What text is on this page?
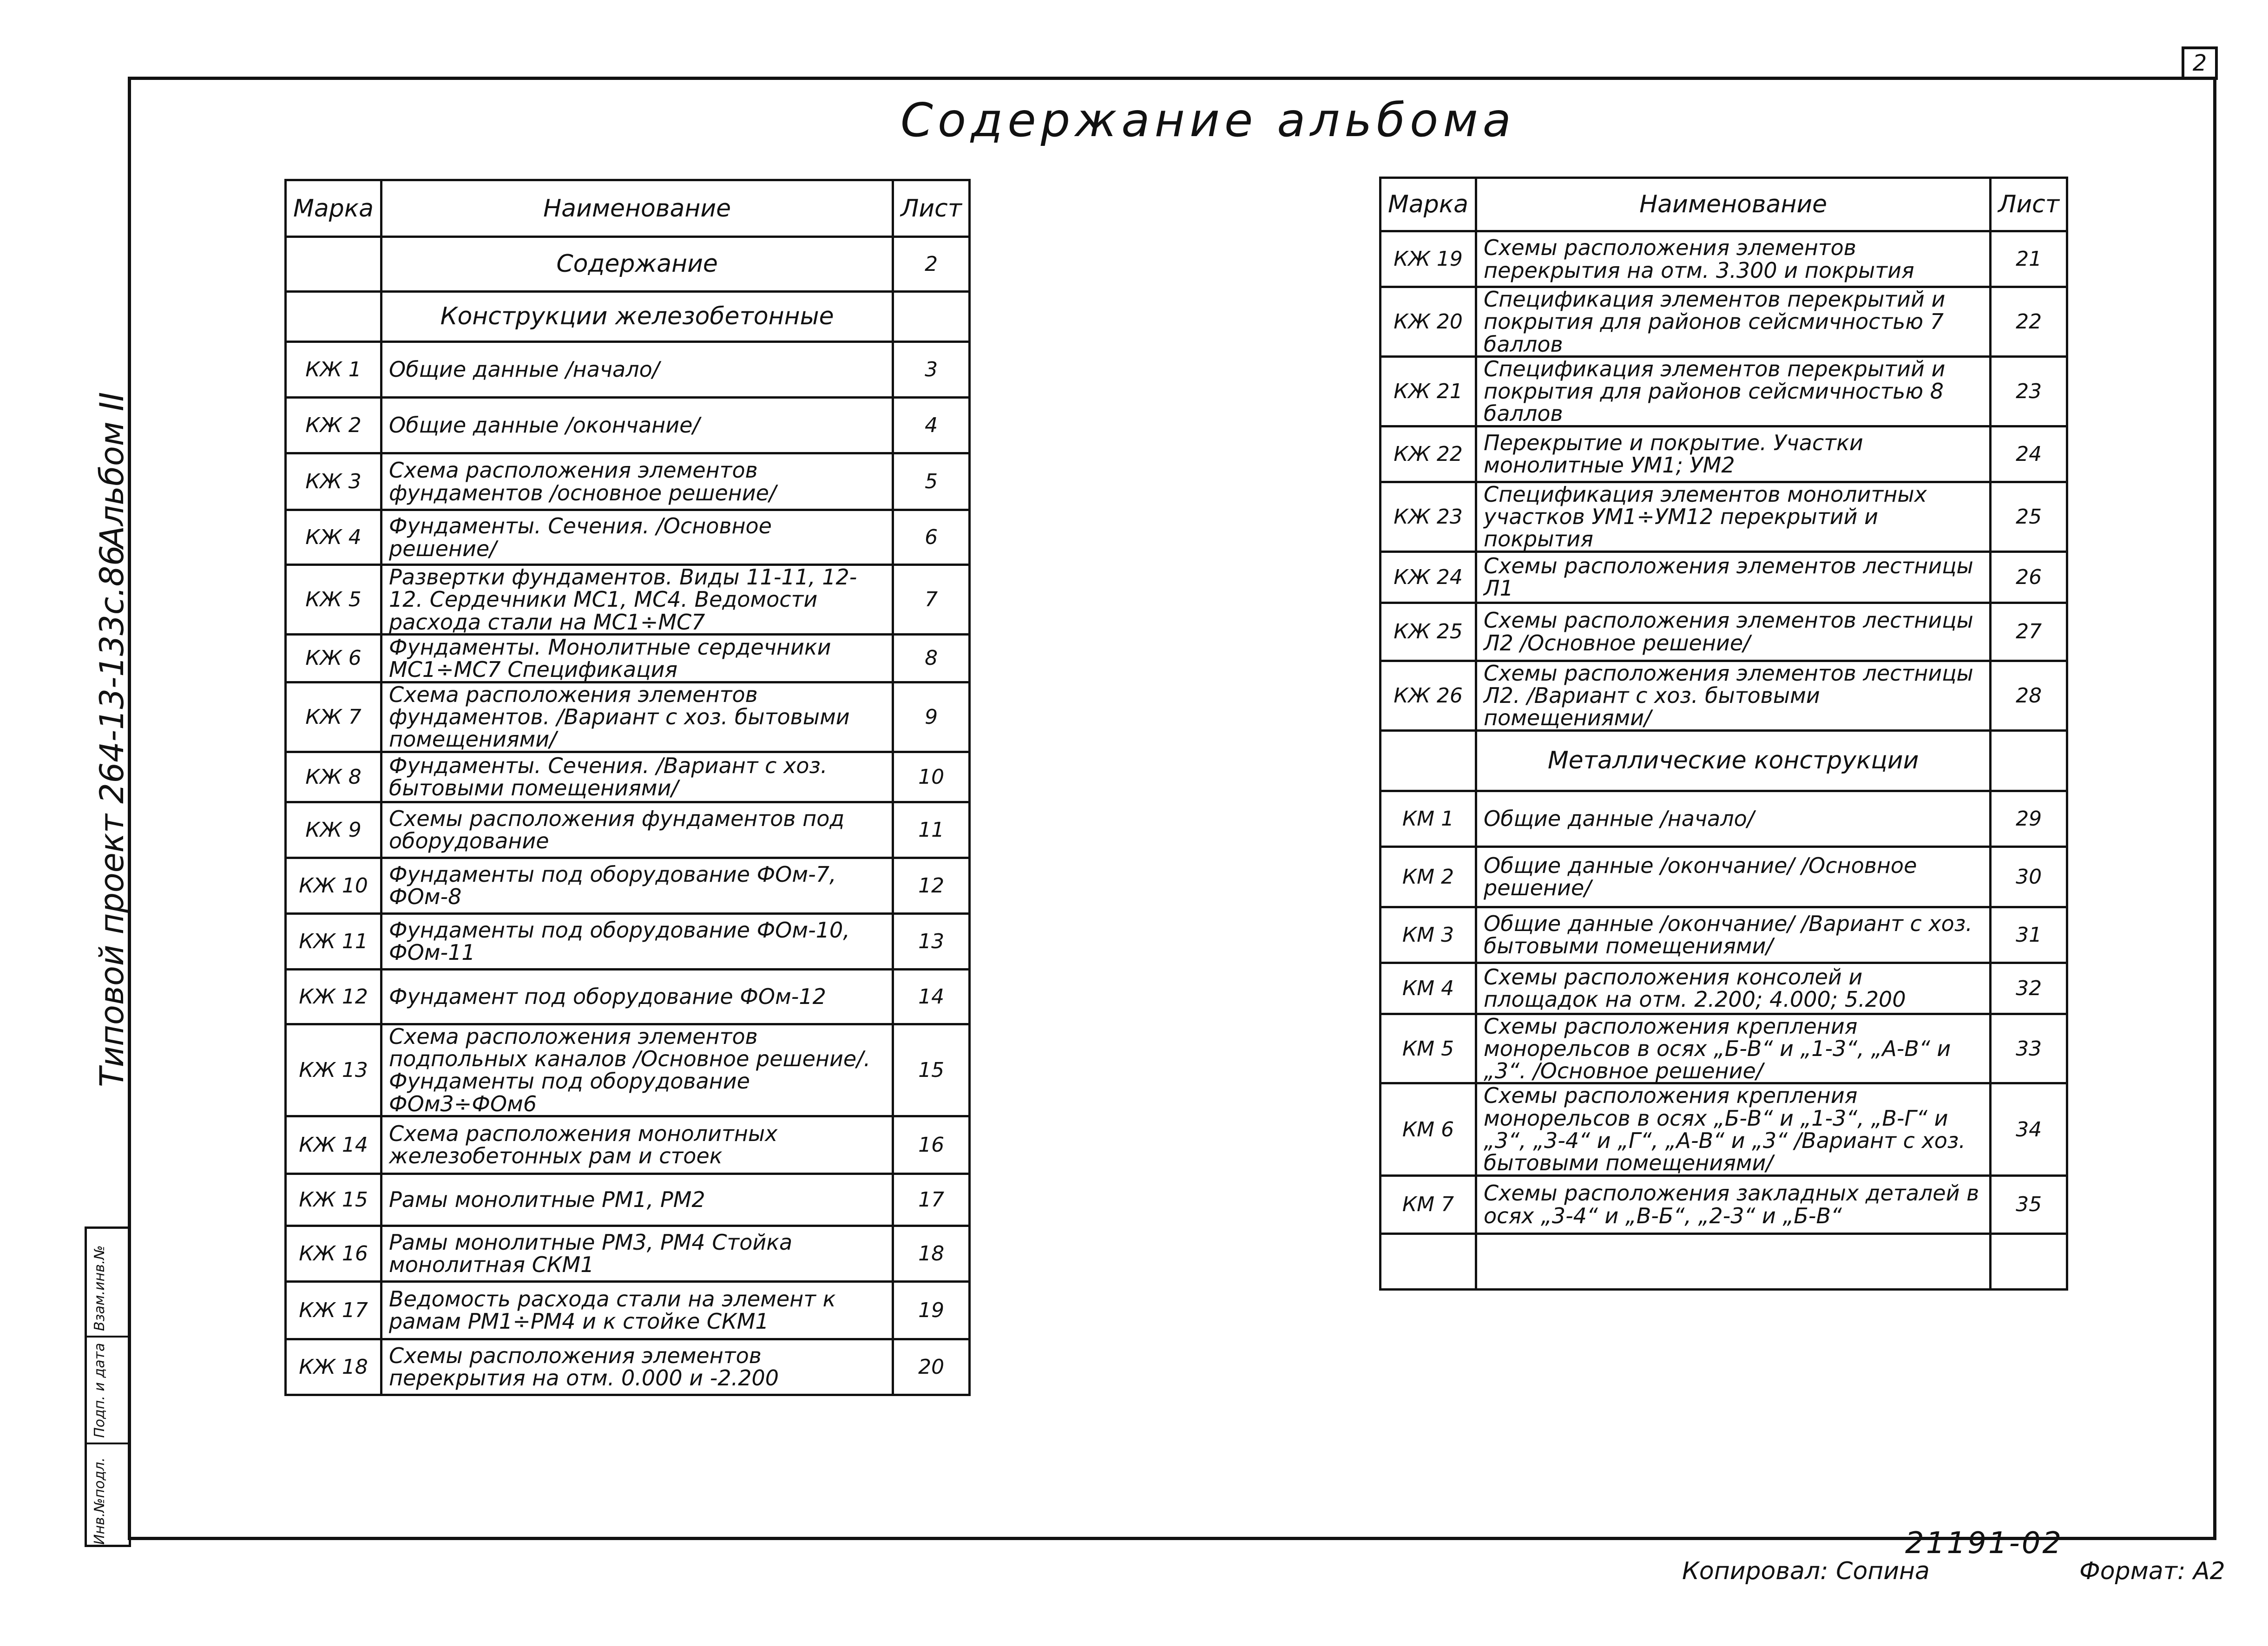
2
Содержание альбома
Типовой проект 264-13-133с.86
Альбом II
Взам.инв.№
Подп. и дата
Инв.№подл.
Марка	Наименование	Лист
	Содержание	2
	Конструкции железобетонные	
КЖ 1	Общие данные /начало/	3
КЖ 2	Общие данные /окончание/	4
КЖ 3	Схема расположения элементов фундаментов /основное решение/	5
КЖ 4	Фундаменты. Сечения. /Основное решение/	6
КЖ 5	Развертки фундаментов. Виды 11-11, 12-12. Сердечники МС1, МС4. Ведомости расхода стали на МС1÷МС7	7
КЖ 6	Фундаменты. Монолитные сердечники МС1÷МС7 Спецификация	8
КЖ 7	Схема расположения элементов фундаментов. /Вариант с хоз. бытовыми помещениями/	9
КЖ 8	Фундаменты. Сечения. /Вариант с хоз. бытовыми помещениями/	10
КЖ 9	Схемы расположения фундаментов под оборудование	11
КЖ 10	Фундаменты под оборудование ФОм-7, ФОм-8	12
КЖ 11	Фундаменты под оборудование ФОм-10, ФОм-11	13
КЖ 12	Фундамент под оборудование ФОм-12	14
КЖ 13	Схема расположения элементов подпольных каналов /Основное решение/. Фундаменты под оборудование ФОм3÷ФОм6	15
КЖ 14	Схема расположения монолитных железобетонных рам и стоек	16
КЖ 15	Рамы монолитные РМ1, РМ2	17
КЖ 16	Рамы монолитные РМ3, РМ4 Стойка монолитная СКМ1	18
КЖ 17	Ведомость расхода стали на элемент к рамам РМ1÷РМ4 и к стойке СКМ1	19
КЖ 18	Схемы расположения элементов перекрытия на отм. 0.000 и -2.200	20
Марка	Наименование	Лист
КЖ 19	Схемы расположения элементов перекрытия на отм. 3.300 и покрытия	21
КЖ 20	Спецификация элементов перекрытий и покрытия для районов сейсмичностью 7 баллов	22
КЖ 21	Спецификация элементов перекрытий и покрытия для районов сейсмичностью 8 баллов	23
КЖ 22	Перекрытие и покрытие. Участки монолитные УМ1; УМ2	24
КЖ 23	Спецификация элементов монолитных участков УМ1÷УМ12 перекрытий и покрытия	25
КЖ 24	Схемы расположения элементов лестницы Л1	26
КЖ 25	Схемы расположения элементов лестницы Л2 /Основное решение/	27
КЖ 26	Схемы расположения элементов лестницы Л2. /Вариант с хоз. бытовыми помещениями/	28
	Металлические конструкции	
КМ 1	Общие данные /начало/	29
КМ 2	Общие данные /окончание/ /Основное решение/	30
КМ 3	Общие данные /окончание/ /Вариант с хоз. бытовыми помещениями/	31
КМ 4	Схемы расположения консолей и площадок на отм. 2.200; 4.000; 5.200	32
КМ 5	Схемы расположения крепления монорельсов в осях „Б-В“ и „1-3“, „А-В“ и „3“. /Основное решение/	33
КМ 6	Схемы расположения крепления монорельсов в осях „Б-В“ и „1-3“, „В-Г“ и „3“, „3-4“ и „Г“, „А-В“ и „3“ /Вариант с хоз. бытовыми помещениями/	34
КМ 7	Схемы расположения закладных деталей в осях „3-4“ и „В-Б“, „2-3“ и „Б-В“	35

Копировал: Сопина
21191-02
Формат: А2
